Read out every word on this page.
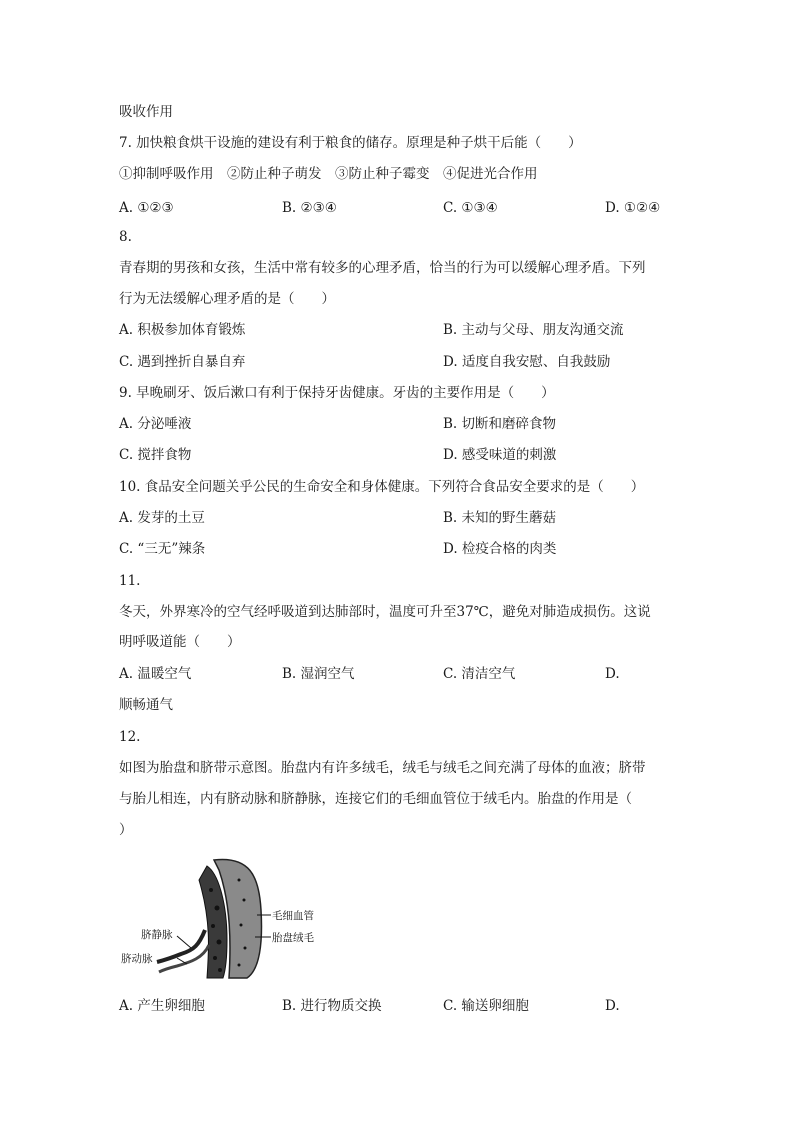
吸收作用
7. 加快粮食烘干设施的建设有利于粮食的储存。原理是种子烘干后能（　　）
①抑制呼吸作用　②防止种子萌发　③防止种子霉变　④促进光合作用
A. ①②③	B. ②③④	C. ①③④	D. ①②④
8.
青春期的男孩和女孩，生活中常有较多的心理矛盾，恰当的行为可以缓解心理矛盾。下列
行为无法缓解心理矛盾的是（　　）
A. 积极参加体育锻炼	B. 主动与父母、朋友沟通交流
C. 遇到挫折自暴自弃	D. 适度自我安慰、自我鼓励
9. 早晚刷牙、饭后漱口有利于保持牙齿健康。牙齿的主要作用是（　　）
A. 分泌唾液	B. 切断和磨碎食物
C. 搅拌食物	D. 感受味道的刺激
10. 食品安全问题关乎公民的生命安全和身体健康。下列符合食品安全要求的是（　　）
A. 发芽的土豆	B. 未知的野生蘑菇
C. “三无”辣条	D. 检疫合格的肉类
11.
冬天，外界寒冷的空气经呼吸道到达肺部时，温度可升至37℃，避免对肺造成损伤。这说
明呼吸道能（　　）
A. 温暖空气	B. 湿润空气	C. 清洁空气	D.
顺畅通气
12.
如图为胎盘和脐带示意图。胎盘内有许多绒毛，绒毛与绒毛之间充满了母体的血液；脐带
与胎儿相连，内有脐动脉和脐静脉，连接它们的毛细血管位于绒毛内。胎盘的作用是（
）
毛细血管
胎盘绒毛
脐静脉
脐动脉
A. 产生卵细胞	B. 进行物质交换	C. 输送卵细胞	D.
